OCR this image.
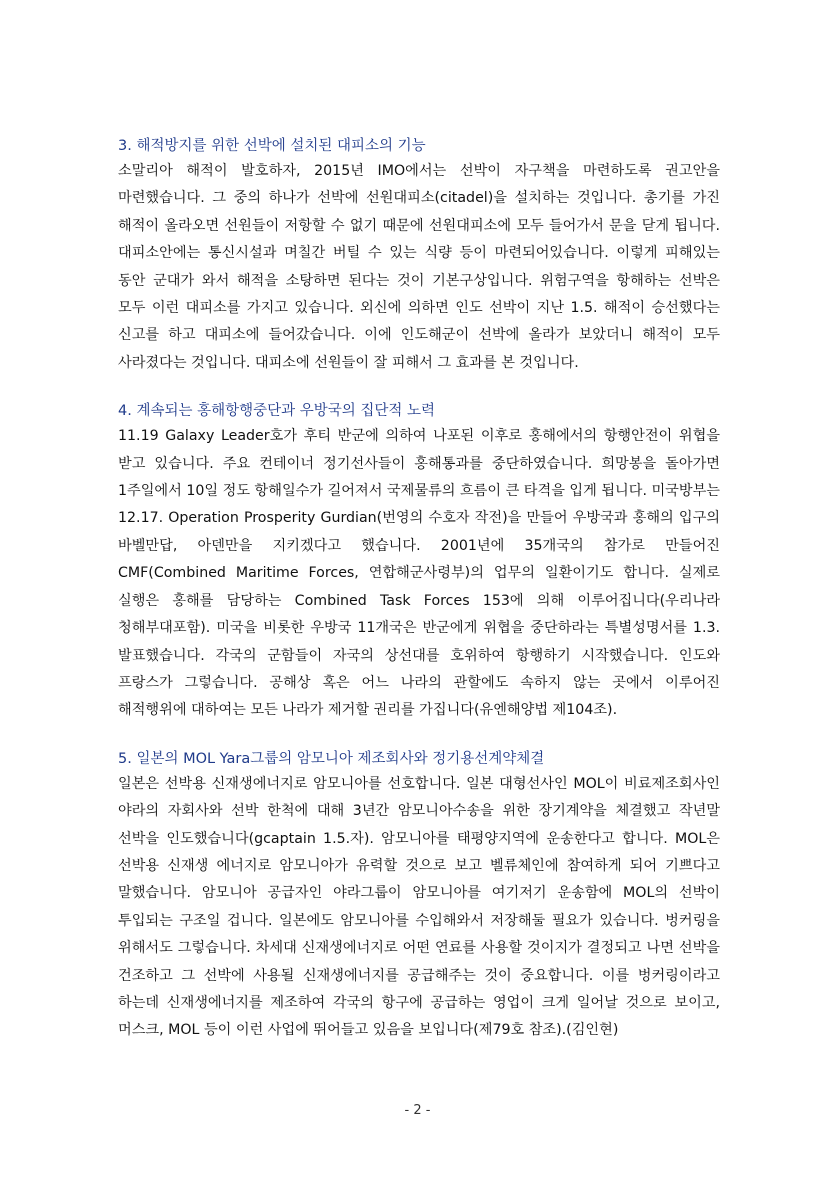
3. 해적방지를 위한 선박에 설치된 대피소의 기능

소말리아 해적이 발호하자, 2015년 IMO에서는 선박이 자구책을 마련하도록 권고안을 마련했습니다. 그 중의 하나가 선박에 선원대피소(citadel)을 설치하는 것입니다. 총기를 가진 해적이 올라오면 선원들이 저항할 수 없기 때문에 선원대피소에 모두 들어가서 문을 닫게 됩니다. 대피소안에는 통신시설과 며칠간 버틸 수 있는 식량 등이 마련되어있습니다. 이렇게 피해있는 동안 군대가 와서 해적을 소탕하면 된다는 것이 기본구상입니다. 위험구역을 항해하는 선박은 모두 이런 대피소를 가지고 있습니다. 외신에 의하면 인도 선박이 지난 1.5. 해적이 승선했다는 신고를 하고 대피소에 들어갔습니다. 이에 인도해군이 선박에 올라가 보았더니 해적이 모두 사라졌다는 것입니다. 대피소에 선원들이 잘 피해서 그 효과를 본 것입니다.

4. 계속되는 홍해항행중단과 우방국의 집단적 노력

11.19 Galaxy Leader호가 후티 반군에 의하여 나포된 이후로 홍해에서의 항행안전이 위협을 받고 있습니다. 주요 컨테이너 정기선사들이 홍해통과를 중단하였습니다. 희망봉을 돌아가면 1주일에서 10일 정도 항해일수가 길어져서 국제물류의 흐름이 큰 타격을 입게 됩니다. 미국방부는 12.17. Operation Prosperity Gurdian(번영의 수호자 작전)을 만들어 우방국과 홍해의 입구의 바벨만답, 아덴만을 지키겠다고 했습니다. 2001년에 35개국의 참가로 만들어진 CMF(Combined Maritime Forces, 연합해군사령부)의 업무의 일환이기도 합니다. 실제로 실행은 홍해를 담당하는 Combined Task Forces 153에 의해 이루어집니다(우리나라 청해부대포함). 미국을 비롯한 우방국 11개국은 반군에게 위협을 중단하라는 특별성명서를 1.3. 발표했습니다. 각국의 군함들이 자국의 상선대를 호위하여 항행하기 시작했습니다. 인도와 프랑스가 그렇습니다. 공해상 혹은 어느 나라의 관할에도 속하지 않는 곳에서 이루어진 해적행위에 대하여는 모든 나라가 제거할 권리를 가집니다(유엔해양법 제104조).

5. 일본의 MOL Yara그룹의 암모니아 제조회사와 정기용선계약체결

일본은 선박용 신재생에너지로 암모니아를 선호합니다. 일본 대형선사인 MOL이 비료제조회사인 야라의 자회사와 선박 한척에 대해 3년간 암모니아수송을 위한 장기계약을 체결했고 작년말 선박을 인도했습니다(gcaptain 1.5.자). 암모니아를 태평양지역에 운송한다고 합니다. MOL은 선박용 신재생 에너지로 암모니아가 유력할 것으로 보고 벨류체인에 참여하게 되어 기쁘다고 말했습니다. 암모니아 공급자인 야라그룹이 암모니아를 여기저기 운송함에 MOL의 선박이 투입되는 구조일 겁니다. 일본에도 암모니아를 수입해와서 저장해둘 필요가 있습니다. 벙커링을 위해서도 그렇습니다. 차세대 신재생에너지로 어떤 연료를 사용할 것이지가 결정되고 나면 선박을 건조하고 그 선박에 사용될 신재생에너지를 공급해주는 것이 중요합니다. 이를 벙커링이라고 하는데 신재생에너지를 제조하여 각국의 항구에 공급하는 영업이 크게 일어날 것으로 보이고, 머스크, MOL 등이 이런 사업에 뛰어들고 있음을 보입니다(제79호 참조).(김인현)

- 2 -
